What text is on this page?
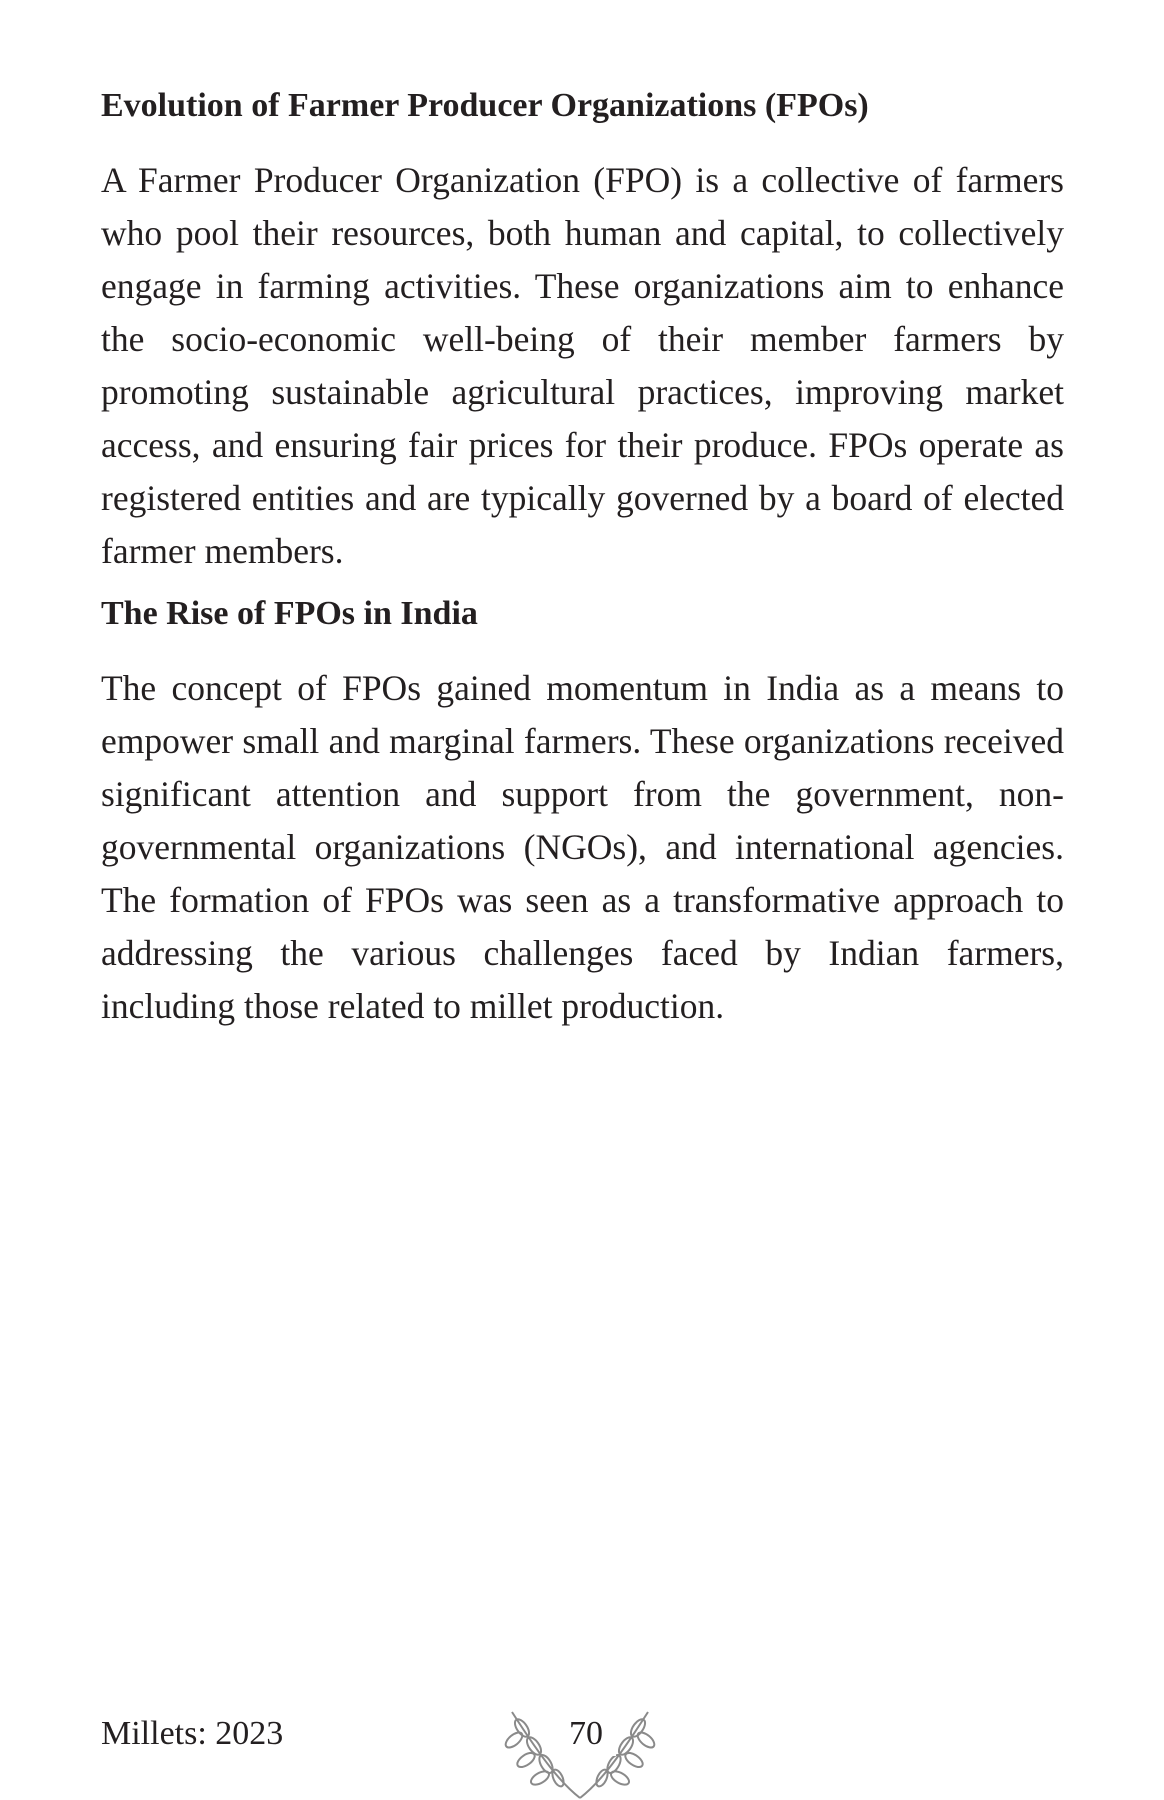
Evolution of Farmer Producer Organizations (FPOs)

A Farmer Producer Organization (FPO) is a collective of farmers who pool their resources, both human and capital, to collectively engage in farming activities. These organizations aim to enhance the socio-economic well-being of their member farmers by promoting sustainable agricultural practices, improving market access, and ensuring fair prices for their produce. FPOs operate as registered entities and are typically governed by a board of elected farmer members.

The Rise of FPOs in India

The concept of FPOs gained momentum in India as a means to empower small and marginal farmers. These organizations received significant attention and support from the government, non-governmental organizations (NGOs), and international agencies. The formation of FPOs was seen as a transformative approach to addressing the various challenges faced by Indian farmers, including those related to millet production.

Millets: 2023	70
